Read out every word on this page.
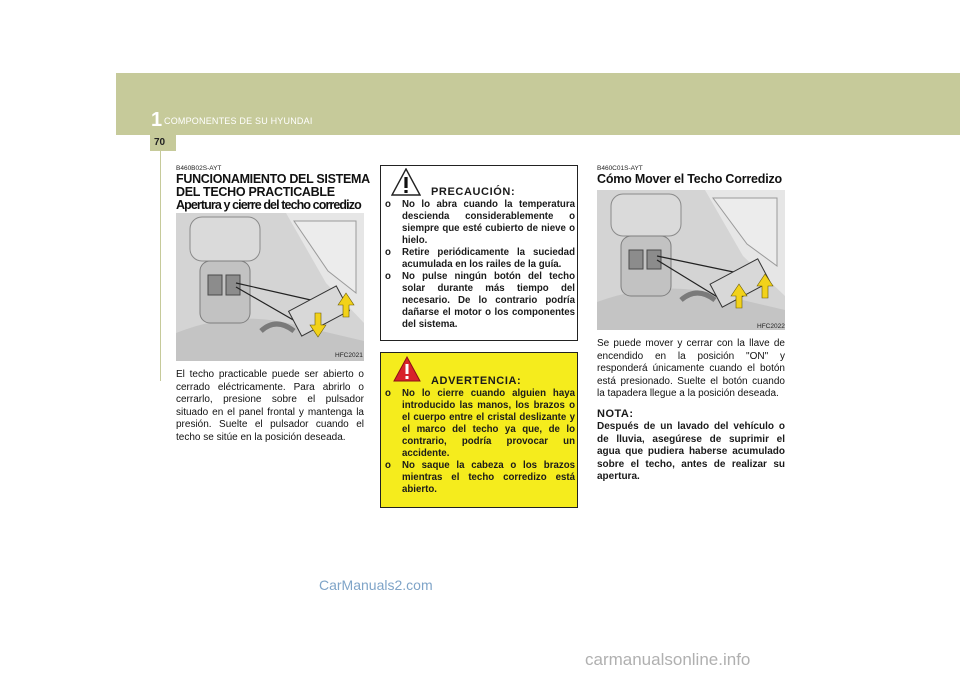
1 COMPONENTES DE SU HYUNDAI
70
B460B02S-AYT
FUNCIONAMIENTO DEL SISTEMA
DEL TECHO PRACTICABLE
Apertura y cierre del techo corredizo
HFC2021
El techo practicable puede ser abierto o cerrado eléctricamente. Para abrirlo o cerrarlo, presione sobre el pulsador situado en el panel frontal y mantenga la presión. Suelte el pulsador cuando el techo se sitúe en la posición deseada.
PRECAUCIÓN:
o No lo abra cuando la temperatura descienda considerablemente o siempre que esté cubierto de nieve o hielo.
o Retire periódicamente la suciedad acumulada en los railes de la guía.
o No pulse ningún botón del techo solar durante más tiempo del necesario. De lo contrario podría dañarse el motor o los componentes del sistema.
ADVERTENCIA:
o No lo cierre cuando alguien haya introducido las manos, los brazos o el cuerpo entre el cristal deslizante y el marco del techo ya que, de lo contrario, podría provocar un accidente.
o No saque la cabeza o los brazos mientras el techo corredizo está abierto.
B460C01S-AYT
Cómo Mover el Techo Corredizo
HFC2022
Se puede mover y cerrar con la llave de encendido en la posición "ON" y responderá únicamente cuando el botón está presionado. Suelte el botón cuando la tapadera llegue a la posición deseada.
NOTA:
Después de un lavado del vehículo o de lluvia, asegúrese de suprimir el agua que pudiera haberse acumulado sobre el techo, antes de realizar su apertura.
CarManuals2.com
carmanualsonline.info
